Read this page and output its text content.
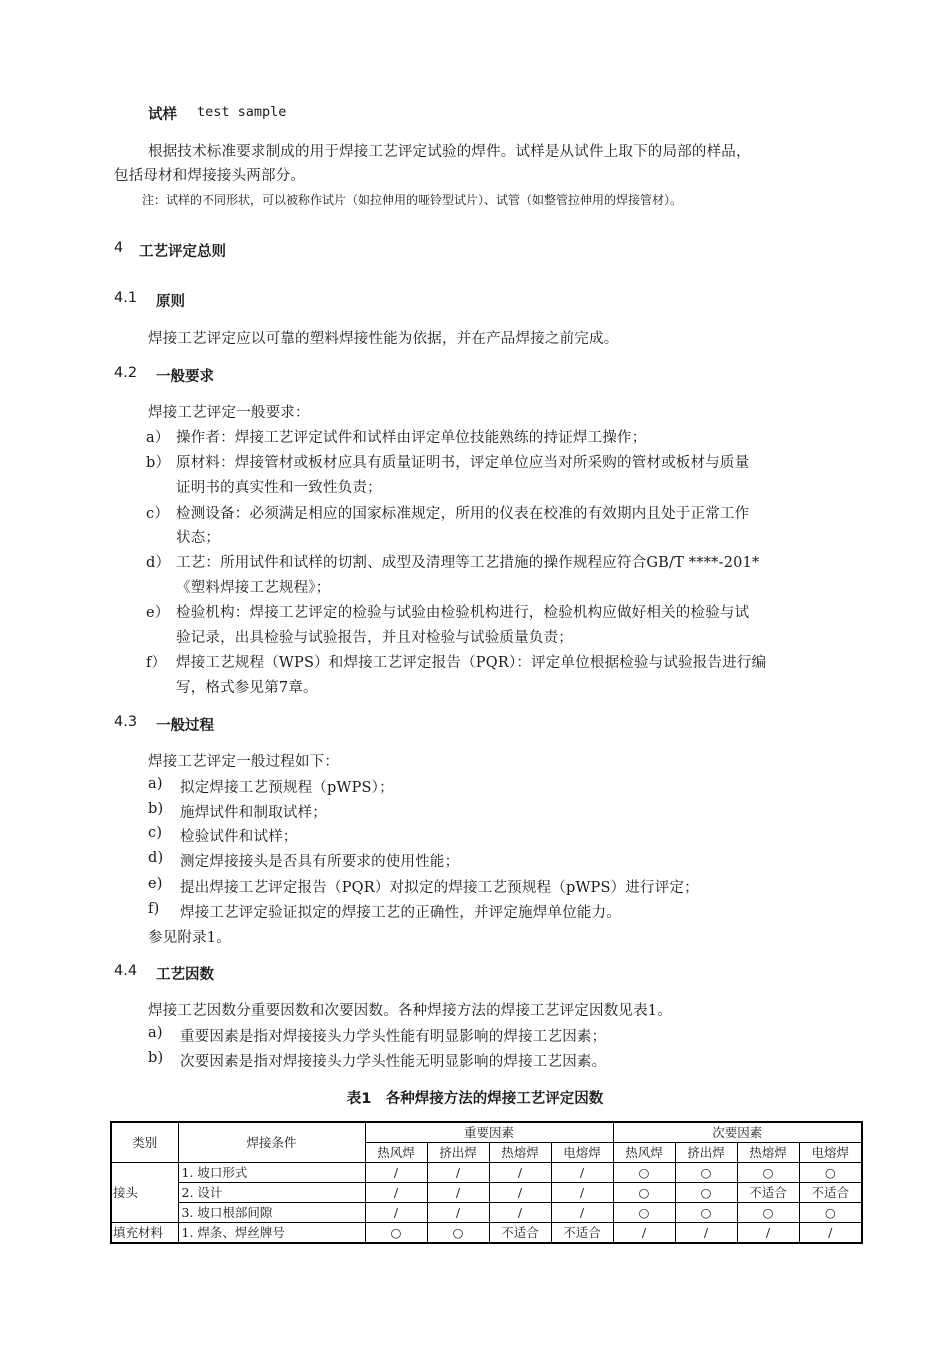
试样 test sample
根据技术标准要求制成的用于焊接工艺评定试验的焊件。试样是从试件上取下的局部的样品，
包括母材和焊接接头两部分。
注：试样的不同形状，可以被称作试片（如拉伸用的哑铃型试片）、试管（如整管拉伸用的焊接管材）。
4 工艺评定总则
4.1 原则
焊接工艺评定应以可靠的塑料焊接性能为依据，并在产品焊接之前完成。
4.2 一般要求
焊接工艺评定一般要求：
a） 操作者：焊接工艺评定试件和试样由评定单位技能熟练的持证焊工操作；
b） 原材料：焊接管材或板材应具有质量证明书，评定单位应当对所采购的管材或板材与质量
证明书的真实性和一致性负责；
c） 检测设备：必须满足相应的国家标准规定，所用的仪表在校准的有效期内且处于正常工作
状态；
d） 工艺：所用试件和试样的切割、成型及清理等工艺措施的操作规程应符合GB/T ****-201*
《塑料焊接工艺规程》；
e） 检验机构：焊接工艺评定的检验与试验由检验机构进行，检验机构应做好相关的检验与试
验记录，出具检验与试验报告，并且对检验与试验质量负责；
f） 焊接工艺规程（WPS）和焊接工艺评定报告（PQR）：评定单位根据检验与试验报告进行编
写，格式参见第7章。
4.3 一般过程
焊接工艺评定一般过程如下：
a) 拟定焊接工艺预规程（pWPS）；
b) 施焊试件和制取试样；
c) 检验试件和试样；
d) 测定焊接接头是否具有所要求的使用性能；
e) 提出焊接工艺评定报告（PQR）对拟定的焊接工艺预规程（pWPS）进行评定；
f) 焊接工艺评定验证拟定的焊接工艺的正确性，并评定施焊单位能力。
参见附录1。
4.4 工艺因数
焊接工艺因数分重要因数和次要因数。各种焊接方法的焊接工艺评定因数见表1。
a) 重要因素是指对焊接接头力学头性能有明显影响的焊接工艺因素；
b) 次要因素是指对焊接接头力学头性能无明显影响的焊接工艺因素。
表1　各种焊接方法的焊接工艺评定因数
类别	焊接条件	重要因素				次要因素			
		热风焊	挤出焊	热熔焊	电熔焊	热风焊	挤出焊	热熔焊	电熔焊
接头	1. 坡口形式	/	/	/	/	○	○	○	○
	2. 设计	/	/	/	/	○	○	不适合	不适合
	3. 坡口根部间隙	/	/	/	/	○	○	○	○
填充材料	1. 焊条、焊丝牌号	○	○	不适合	不适合	/	/	/	/
